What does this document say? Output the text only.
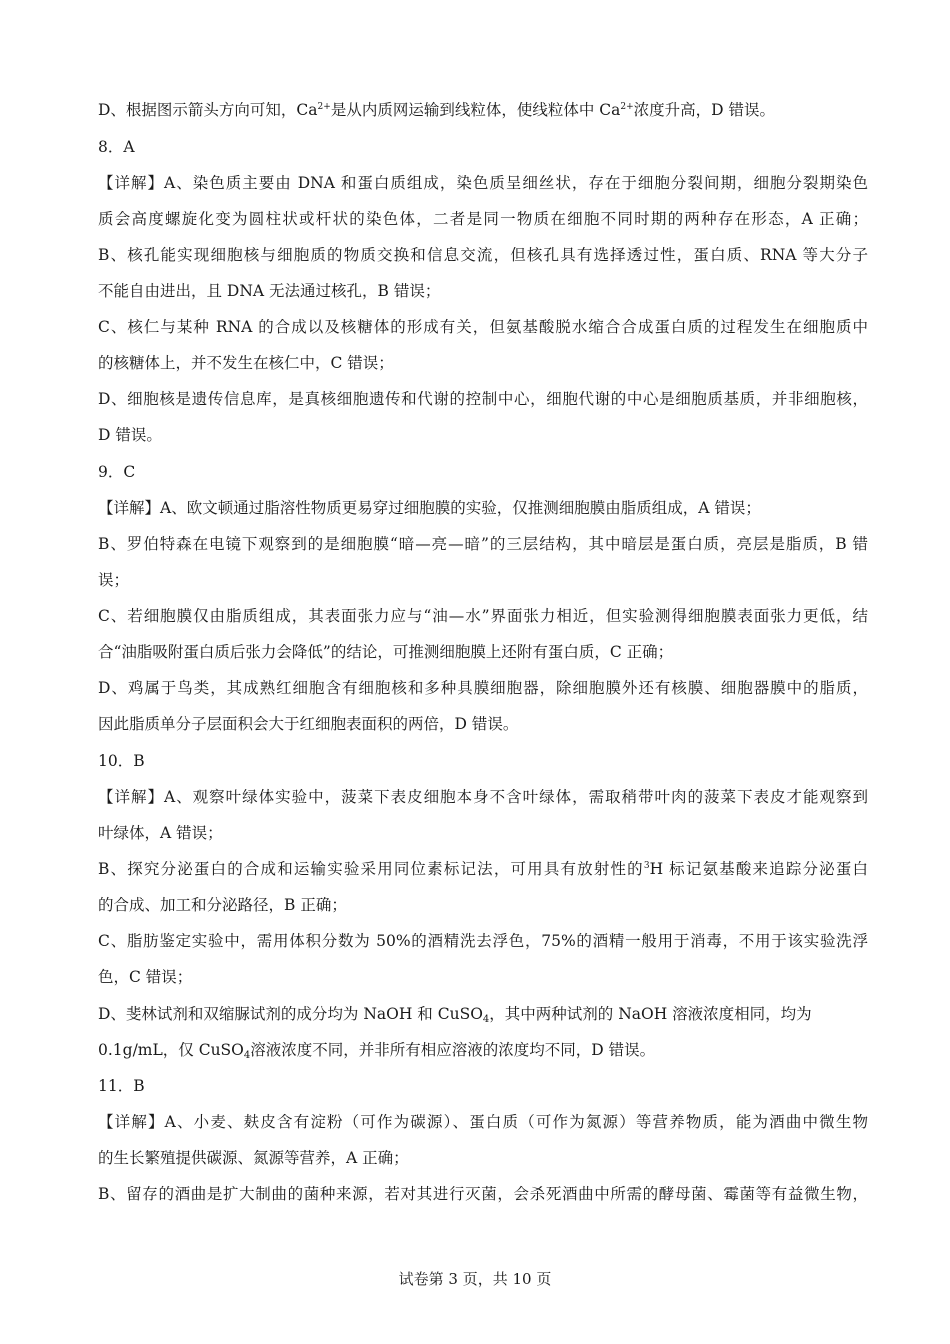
D、根据图示箭头方向可知，$Ca^{2+}$是从内质网运输到线粒体，使线粒体中 $Ca^{2+}$浓度升高，D 错误。
8．A
【详解】A、染色质主要由 DNA 和蛋白质组成，染色质呈细丝状，存在于细胞分裂间期，细胞分裂期染色
质会高度螺旋化变为圆柱状或杆状的染色体，二者是同一物质在细胞不同时期的两种存在形态，A 正确；
B、核孔能实现细胞核与细胞质的物质交换和信息交流，但核孔具有选择透过性，蛋白质、RNA 等大分子
不能自由进出，且 DNA 无法通过核孔，B 错误；
C、核仁与某种 RNA 的合成以及核糖体的形成有关，但氨基酸脱水缩合合成蛋白质的过程发生在细胞质中
的核糖体上，并不发生在核仁中，C 错误；
D、细胞核是遗传信息库，是真核细胞遗传和代谢的控制中心，细胞代谢的中心是细胞质基质，并非细胞核，
D 错误。
9．C
【详解】A、欧文顿通过脂溶性物质更易穿过细胞膜的实验，仅推测细胞膜由脂质组成，A 错误；
B、罗伯特森在电镜下观察到的是细胞膜“暗—亮—暗”的三层结构，其中暗层是蛋白质，亮层是脂质，B 错
误；
C、若细胞膜仅由脂质组成，其表面张力应与“油—水”界面张力相近，但实验测得细胞膜表面张力更低，结
合“油脂吸附蛋白质后张力会降低”的结论，可推测细胞膜上还附有蛋白质，C 正确；
D、鸡属于鸟类，其成熟红细胞含有细胞核和多种具膜细胞器，除细胞膜外还有核膜、细胞器膜中的脂质，
因此脂质单分子层面积会大于红细胞表面积的两倍，D 错误。
10．B
【详解】A、观察叶绿体实验中，菠菜下表皮细胞本身不含叶绿体，需取稍带叶肉的菠菜下表皮才能观察到
叶绿体，A 错误；
B、探究分泌蛋白的合成和运输实验采用同位素标记法，可用具有放射性的$^3$H 标记氨基酸来追踪分泌蛋白
的合成、加工和分泌路径，B 正确；
C、脂肪鉴定实验中，需用体积分数为 50%的酒精洗去浮色，75%的酒精一般用于消毒，不用于该实验洗浮
色，C 错误；
D、斐林试剂和双缩脲试剂的成分均为 NaOH 和 CuSO$_4$，其中两种试剂的 NaOH 溶液浓度相同，均为
0.1g/mL，仅 CuSO$_4$溶液浓度不同，并非所有相应溶液的浓度均不同，D 错误。
11．B
【详解】A、小麦、麸皮含有淀粉（可作为碳源）、蛋白质（可作为氮源）等营养物质，能为酒曲中微生物
的生长繁殖提供碳源、氮源等营养，A 正确；
B、留存的酒曲是扩大制曲的菌种来源，若对其进行灭菌，会杀死酒曲中所需的酵母菌、霉菌等有益微生物，
试卷第 3 页，共 10 页
